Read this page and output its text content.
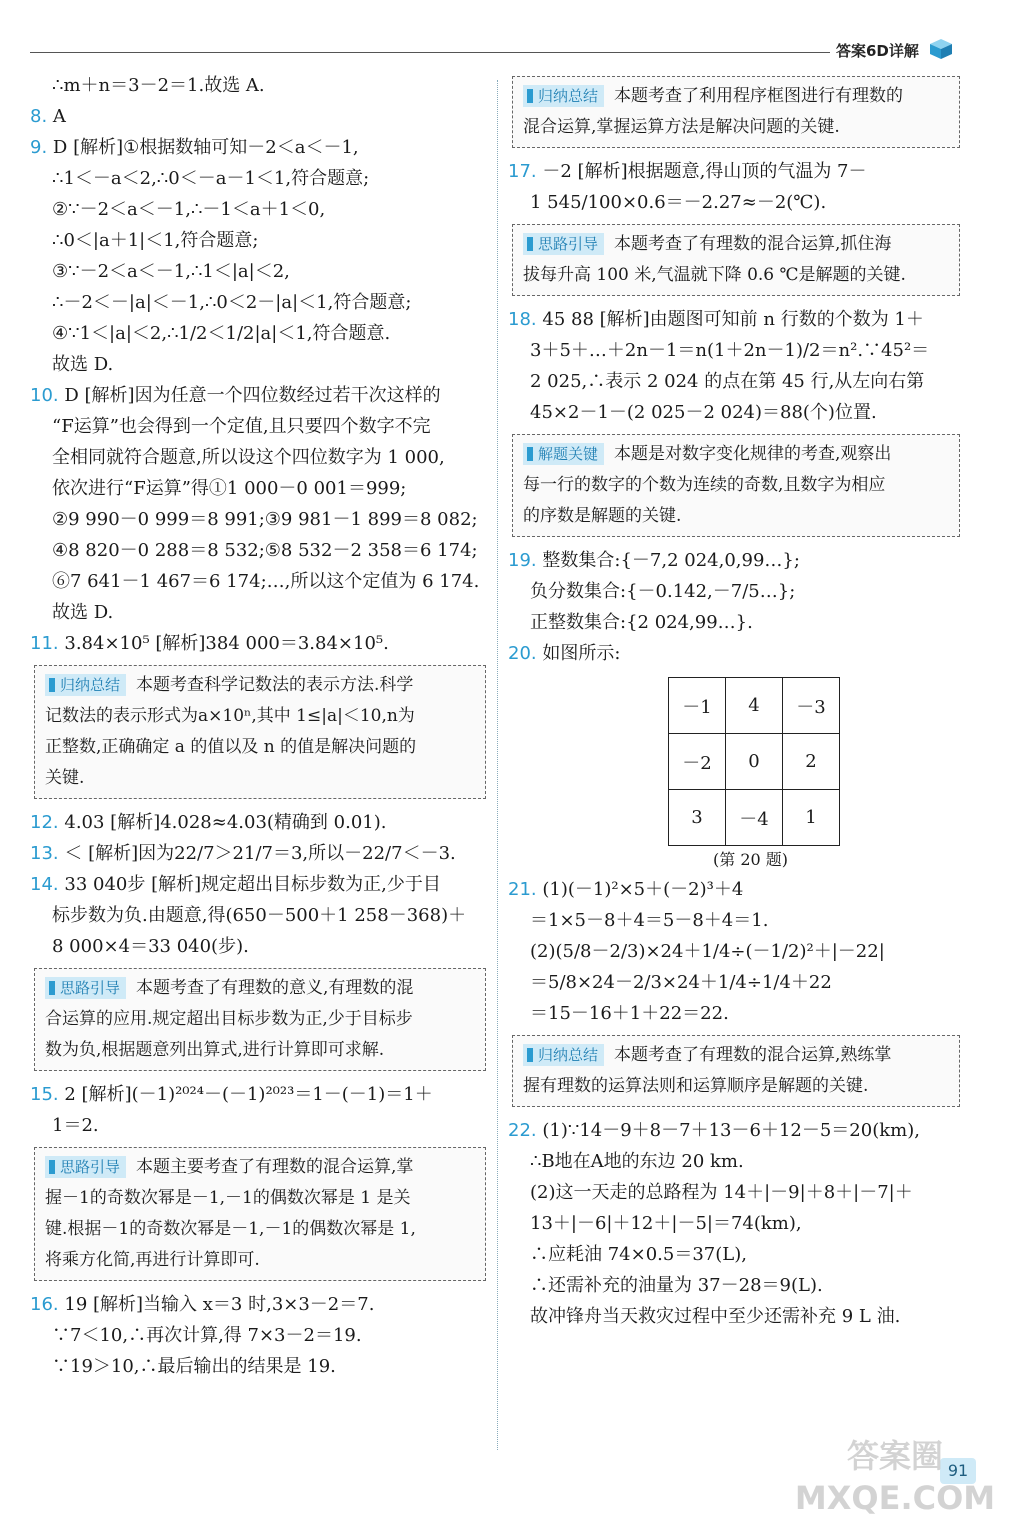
答案6D详解
∴m＋n＝3－2＝1.故选 A.
8. A
9. D [解析]①根据数轴可知－2＜a＜－1,
∴1＜－a＜2,∴0＜－a－1＜1,符合题意;
②∵－2＜a＜－1,∴－1＜a＋1＜0,
∴0＜|a＋1|＜1,符合题意;
③∵－2＜a＜－1,∴1＜|a|＜2,
∴－2＜－|a|＜－1,∴0＜2－|a|＜1,符合题意;
④∵1＜|a|＜2,∴1/2＜1/2|a|＜1,符合题意.
故选 D.
10. D [解析]因为任意一个四位数经过若干次这样的
“F运算”也会得到一个定值,且只要四个数字不完
全相同就符合题意,所以设这个四位数字为 1 000,
依次进行“F运算”得①1 000－0 001＝999;
②9 990－0 999＝8 991;③9 981－1 899＝8 082;
④8 820－0 288＝8 532;⑤8 532－2 358＝6 174;
⑥7 641－1 467＝6 174;…,所以这个定值为 6 174.
故选 D.
11. 3.84×10⁵ [解析]384 000＝3.84×10⁵.
归纳总结 本题考查科学记数法的表示方法.科学
记数法的表示形式为a×10ⁿ,其中 1≤|a|＜10,n为
正整数,正确确定 a 的值以及 n 的值是解决问题的
关键.
12. 4.03 [解析]4.028≈4.03(精确到 0.01).
13. ＜ [解析]因为22/7＞21/7＝3,所以－22/7＜－3.
14. 33 040步 [解析]规定超出目标步数为正,少于目
标步数为负.由题意,得(650－500＋1 258－368)＋
8 000×4＝33 040(步).
思路引导 本题考查了有理数的意义,有理数的混
合运算的应用.规定超出目标步数为正,少于目标步
数为负,根据题意列出算式,进行计算即可求解.
15. 2 [解析](－1)²⁰²⁴－(－1)²⁰²³＝1－(－1)＝1＋
1＝2.
思路引导 本题主要考查了有理数的混合运算,掌
握－1的奇数次幂是－1,－1的偶数次幂是 1 是关
键.根据－1的奇数次幂是－1,－1的偶数次幂是 1,
将乘方化简,再进行计算即可.
16. 19 [解析]当输入 x＝3 时,3×3－2＝7.
∵7＜10,∴再次计算,得 7×3－2＝19.
∵19＞10,∴最后输出的结果是 19.
归纳总结 本题考查了利用程序框图进行有理数的
混合运算,掌握运算方法是解决问题的关键.
17. －2 [解析]根据题意,得山顶的气温为 7－
1 545/100×0.6＝－2.27≈－2(℃).
思路引导 本题考查了有理数的混合运算,抓住海
拔每升高 100 米,气温就下降 0.6 ℃是解题的关键.
18. 45 88 [解析]由题图可知前 n 行数的个数为 1＋
3＋5＋…＋2n－1＝n(1＋2n－1)/2＝n².∵45²＝
2 025,∴表示 2 024 的点在第 45 行,从左向右第
45×2－1－(2 025－2 024)＝88(个)位置.
解题关键 本题是对数字变化规律的考查,观察出
每一行的数字的个数为连续的奇数,且数字为相应
的序数是解题的关键.
19. 整数集合:{－7,2 024,0,99…};
负分数集合:{－0.142,－7/5…};
正整数集合:{2 024,99…}.
20. 如图所示:
－1	4	－3
－2	0	2
3	－4	1
(第 20 题)
21. (1)(－1)²×5＋(－2)³＋4
＝1×5－8＋4＝5－8＋4＝1.
(2)(5/8－2/3)×24＋1/4÷(－1/2)²＋|－22|
＝5/8×24－2/3×24＋1/4÷1/4＋22
＝15－16＋1＋22＝22.
归纳总结 本题考查了有理数的混合运算,熟练掌
握有理数的运算法则和运算顺序是解题的关键.
22. (1)∵14－9＋8－7＋13－6＋12－5＝20(km),
∴B地在A地的东边 20 km.
(2)这一天走的总路程为 14＋|－9|＋8＋|－7|＋
13＋|－6|＋12＋|－5|＝74(km),
∴应耗油 74×0.5＝37(L),
∴还需补充的油量为 37－28＝9(L).
故冲锋舟当天救灾过程中至少还需补充 9 L 油.
91
答案圈
MXQE.COM
